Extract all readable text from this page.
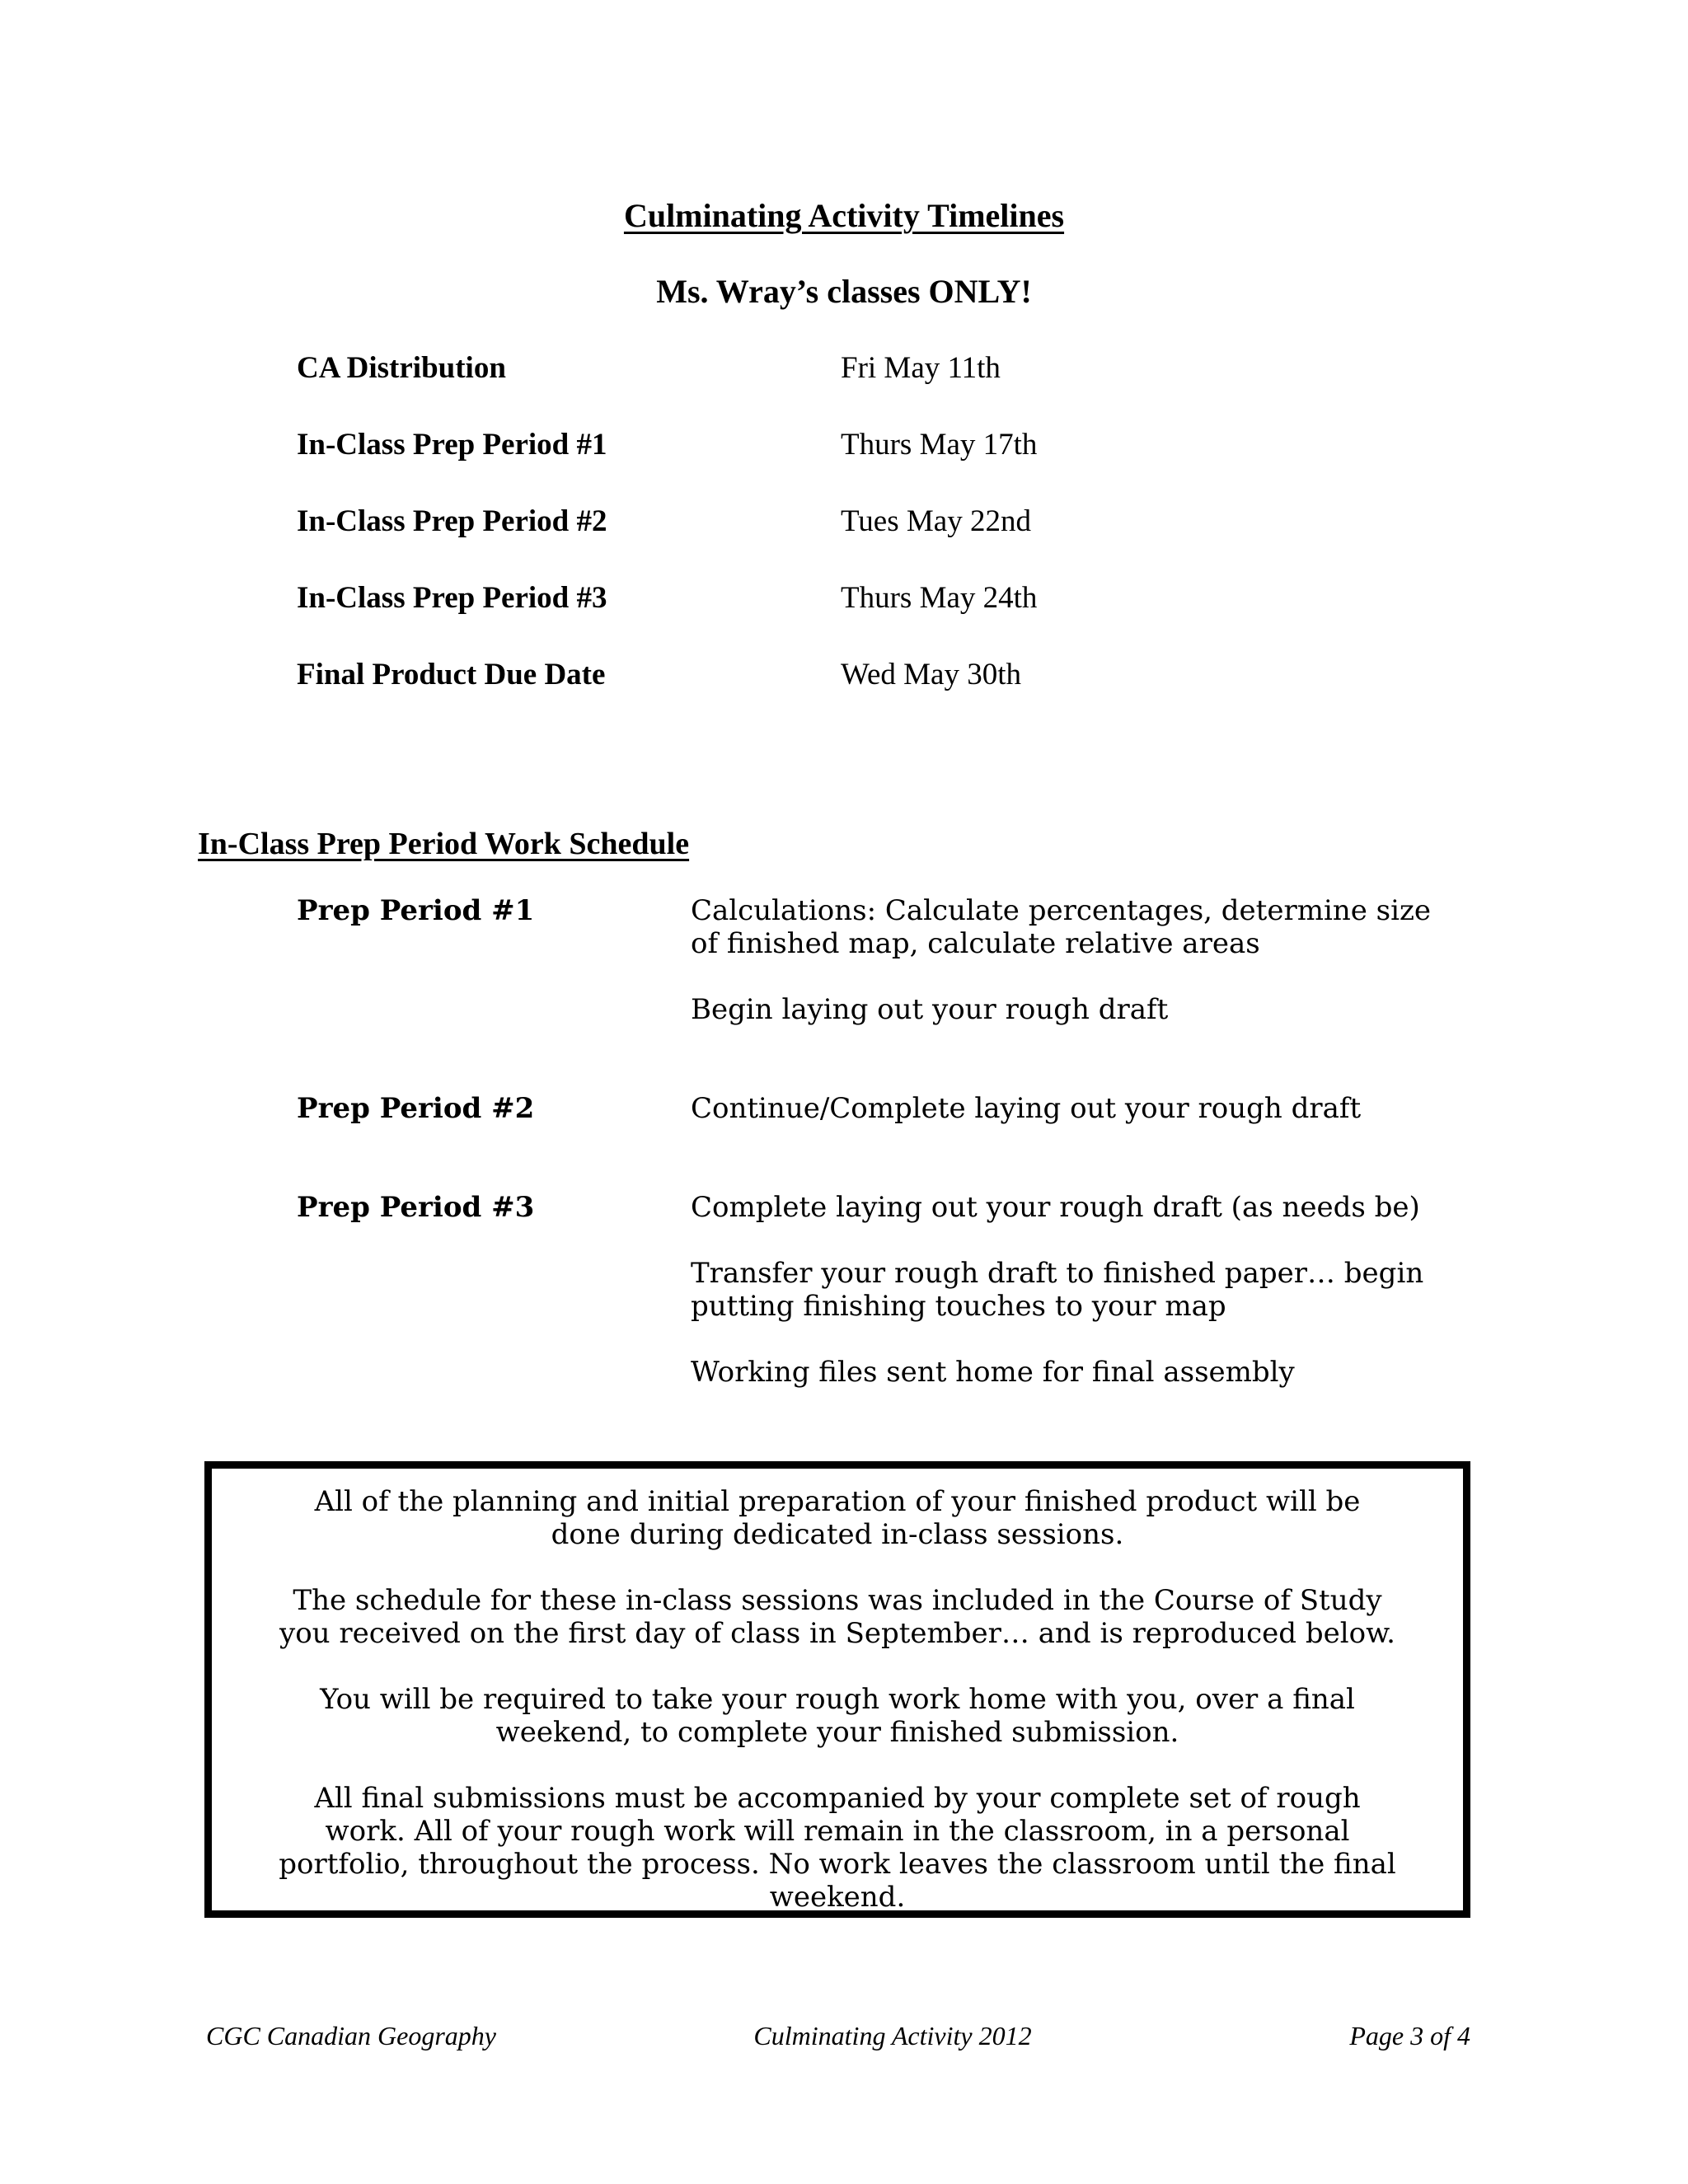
Culminating Activity Timelines
Ms. Wray’s classes ONLY!
CA Distribution	Fri May 11th
In-Class Prep Period #1	Thurs May 17th
In-Class Prep Period #2	Tues May 22nd
In-Class Prep Period #3	Thurs May 24th
Final Product Due Date	Wed May 30th
In-Class Prep Period Work Schedule
Prep Period #1	Calculations: Calculate percentages, determine size of finished map, calculate relative areas

Begin laying out your rough draft

Prep Period #2	Continue/Complete laying out your rough draft

Prep Period #3	Complete laying out your rough draft (as needs be)

Transfer your rough draft to finished paper… begin putting finishing touches to your map

Working files sent home for final assembly

All of the planning and initial preparation of your finished product will be done during dedicated in-class sessions.

The schedule for these in-class sessions was included in the Course of Study you received on the first day of class in September… and is reproduced below.

You will be required to take your rough work home with you, over a final weekend, to complete your finished submission.

All final submissions must be accompanied by your complete set of rough work. All of your rough work will remain in the classroom, in a personal portfolio, throughout the process. No work leaves the classroom until the final weekend.

CGC Canadian Geography	Culminating Activity 2012	Page 3 of 4
